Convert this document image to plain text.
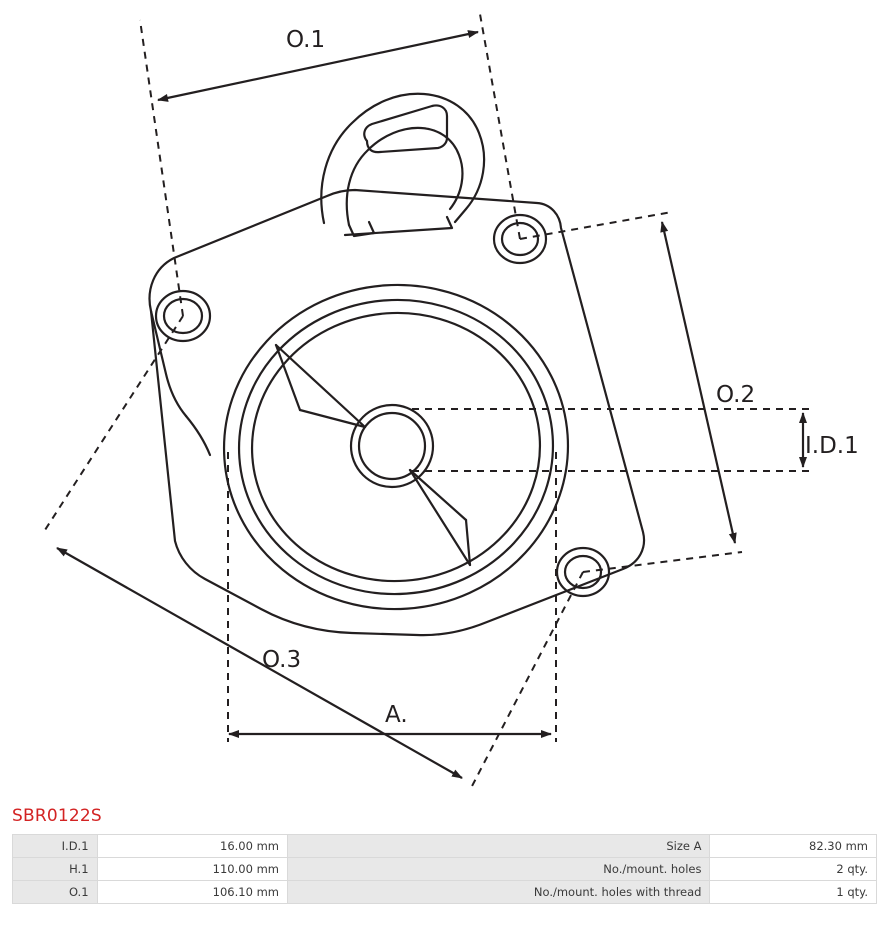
O.1
O.2
I.D.1
O.3
A.
SBR0122S
I.D.1	16.00 mm	Size A	82.30 mm
H.1	110.00 mm	No./mount. holes	2 qty.
O.1	106.10 mm	No./mount. holes with thread	1 qty.
